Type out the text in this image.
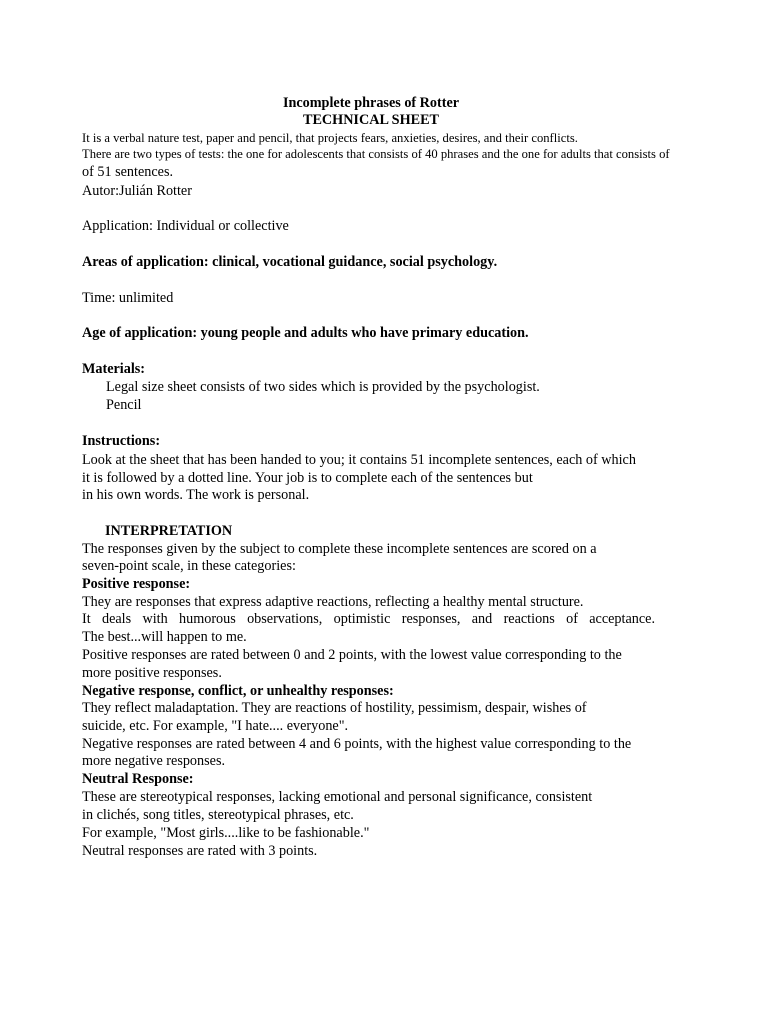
Incomplete phrases of Rotter
TECHNICAL SHEET
It is a verbal nature test, paper and pencil, that projects fears, anxieties, desires, and their conflicts.
There are two types of tests: the one for adolescents that consists of 40 phrases and the one for adults that consists of
of 51 sentences.
Autor:Julián Rotter
Application: Individual or collective
Areas of application: clinical, vocational guidance, social psychology.
Time: unlimited
Age of application: young people and adults who have primary education.
Materials:
Legal size sheet consists of two sides which is provided by the psychologist.
Pencil
Instructions:
Look at the sheet that has been handed to you; it contains 51 incomplete sentences, each of which
it is followed by a dotted line. Your job is to complete each of the sentences but
in his own words. The work is personal.
INTERPRETATION
The responses given by the subject to complete these incomplete sentences are scored on a
seven-point scale, in these categories:
Positive response:
They are responses that express adaptive reactions, reflecting a healthy mental structure.
It deals with humorous observations, optimistic responses, and reactions of acceptance.
The best...will happen to me.
Positive responses are rated between 0 and 2 points, with the lowest value corresponding to the
more positive responses.
Negative response, conflict, or unhealthy responses:
They reflect maladaptation. They are reactions of hostility, pessimism, despair, wishes of
suicide, etc. For example, "I hate.... everyone".
Negative responses are rated between 4 and 6 points, with the highest value corresponding to the
more negative responses.
Neutral Response:
These are stereotypical responses, lacking emotional and personal significance, consistent
in clichés, song titles, stereotypical phrases, etc.
For example, "Most girls....like to be fashionable."
Neutral responses are rated with 3 points.
